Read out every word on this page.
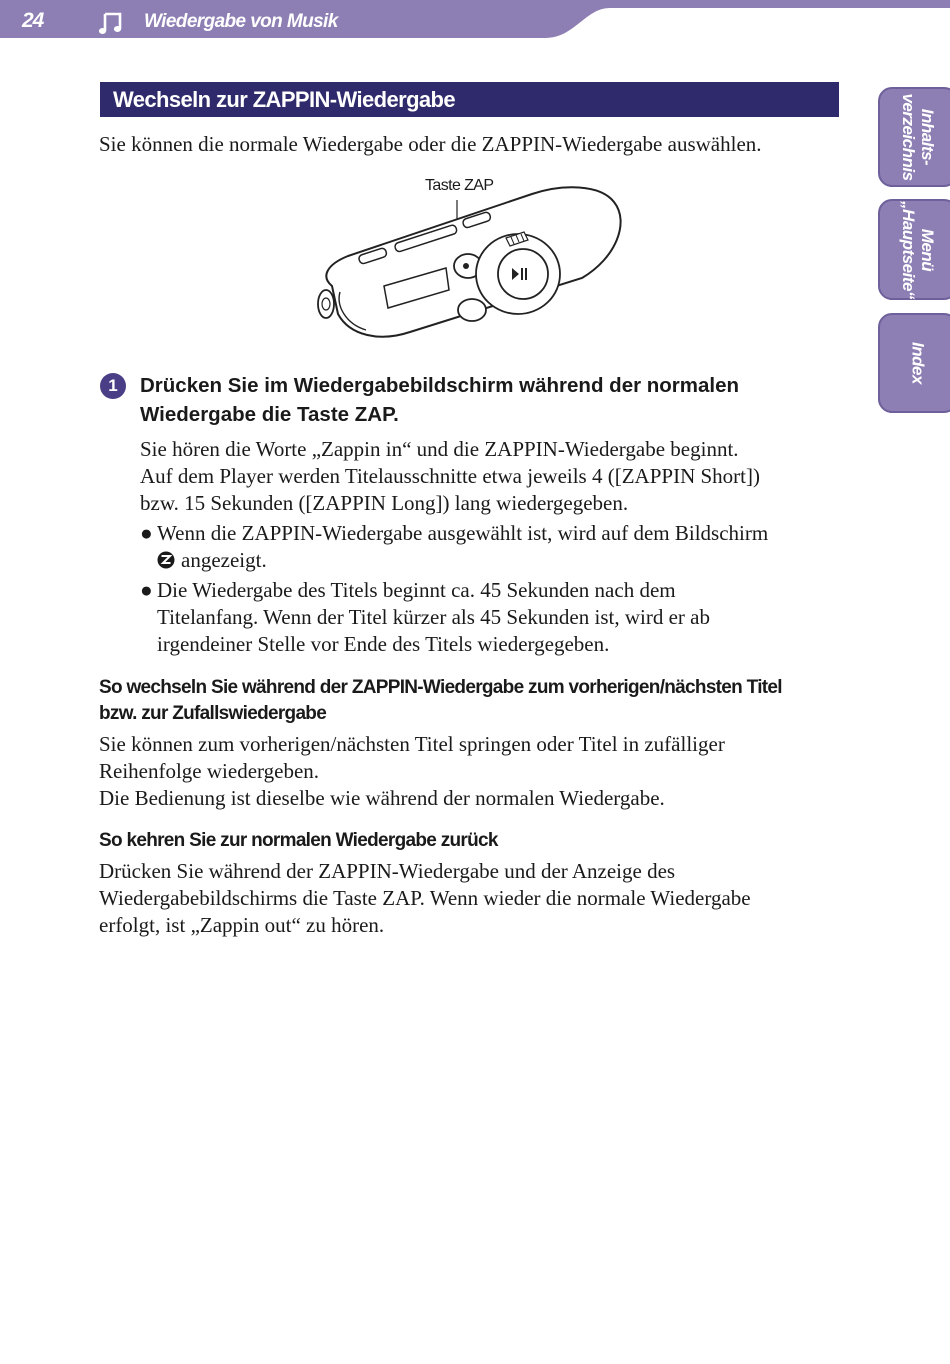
24	Wiedergabe von Musik
Inhalts-
verzeichnis
Menü
„Hauptseite“
Index
Wechseln zur ZAPPIN-Wiedergabe
Sie können die normale Wiedergabe oder die ZAPPIN-Wiedergabe auswählen.
Taste ZAP
1	Drücken Sie im Wiedergabebildschirm während der normalen
Wiedergabe die Taste ZAP.
Sie hören die Worte „Zappin in“ und die ZAPPIN-Wiedergabe beginnt.
Auf dem Player werden Titelausschnitte etwa jeweils 4 ([ZAPPIN Short])
bzw. 15 Sekunden ([ZAPPIN Long]) lang wiedergegeben.
● Wenn die ZAPPIN-Wiedergabe ausgewählt ist, wird auf dem Bildschirm
angezeigt.
● Die Wiedergabe des Titels beginnt ca. 45 Sekunden nach dem
Titelanfang. Wenn der Titel kürzer als 45 Sekunden ist, wird er ab
irgendeiner Stelle vor Ende des Titels wiedergegeben.
So wechseln Sie während der ZAPPIN-Wiedergabe zum vorherigen/nächsten Titel
bzw. zur Zufallswiedergabe
Sie können zum vorherigen/nächsten Titel springen oder Titel in zufälliger
Reihenfolge wiedergeben.
Die Bedienung ist dieselbe wie während der normalen Wiedergabe.
So kehren Sie zur normalen Wiedergabe zurück
Drücken Sie während der ZAPPIN-Wiedergabe und der Anzeige des
Wiedergabebildschirms die Taste ZAP. Wenn wieder die normale Wiedergabe
erfolgt, ist „Zappin out“ zu hören.
